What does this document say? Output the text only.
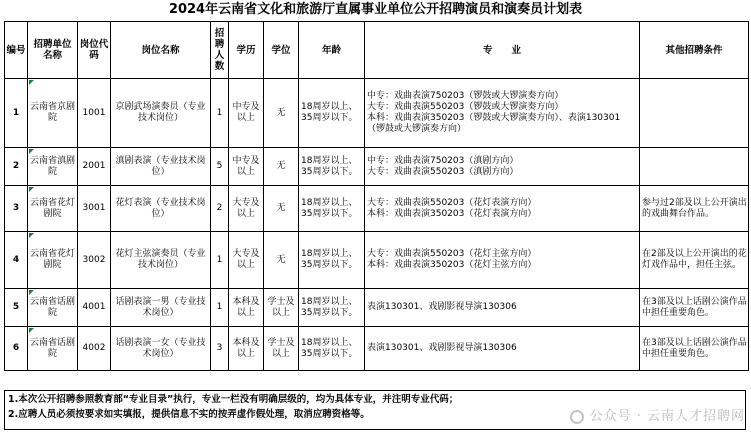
2024年云南省文化和旅游厅直属事业单位公开招聘演员和演奏员计划表
编号	招聘单位名称	岗位代码	岗位名称	招聘人数	学历	学位	年龄	专　　业	其他招聘条件
1	云南省京剧院	1001	京剧武场演奏员（专业技术岗位）	1	中专及以上	无	18周岁以上、35周岁以下。	中专：戏曲表演750203（锣鼓或大锣演奏方向）
大专：戏曲表演550203（锣鼓或大锣演奏方向）
本科：戏曲表演350203（锣鼓或大锣演奏方向）、表演130301（锣鼓或大锣演奏方向）	
2	云南省滇剧院	2001	滇剧表演（专业技术岗位）	5	中专及以上	无	18周岁以上、35周岁以下。	中专：戏曲表演750203（滇剧方向）
大专：戏曲表演550203（滇剧方向）	
3	云南省花灯剧院	3001	花灯表演（专业技术岗位）	2	大专及以上	无	18周岁以上、35周岁以下。	大专：戏曲表演550203（花灯表演方向）
本科：戏曲表演350203（花灯表演方向）	参与过2部及以上公开演出的戏曲舞台作品。
4	云南省花灯剧院	3002	花灯主弦演奏员（专业技术岗位）	1	大专及以上	无	18周岁以上、35周岁以下。	大专：戏曲表演550203（花灯主弦方向）
本科：戏曲表演350203（花灯主弦方向）	在2部及以上公开演出的花灯戏作品中，担任主弦。
5	云南省话剧院	4001	话剧表演一男（专业技术岗位）	1	本科及以上	学士及以上	18周岁以上、35周岁以下。	表演130301、戏剧影视导演130306	在3部及以上话剧公演作品中担任重要角色。
6	云南省话剧院	4002	话剧表演一女（专业技术岗位）	3	本科及以上	学士及以上	18周岁以上、35周岁以下。	表演130301、戏剧影视导演130306	在3部及以上话剧公演作品中担任重要角色。
1.本次公开招聘参照教育部“专业目录”执行，专业一栏没有明确层级的，均为具体专业，并注明专业代码；
2.应聘人员必须按要求如实填报，提供信息不实的按弄虚作假处理，取消应聘资格等。	公众号 · 云南人才招聘网
